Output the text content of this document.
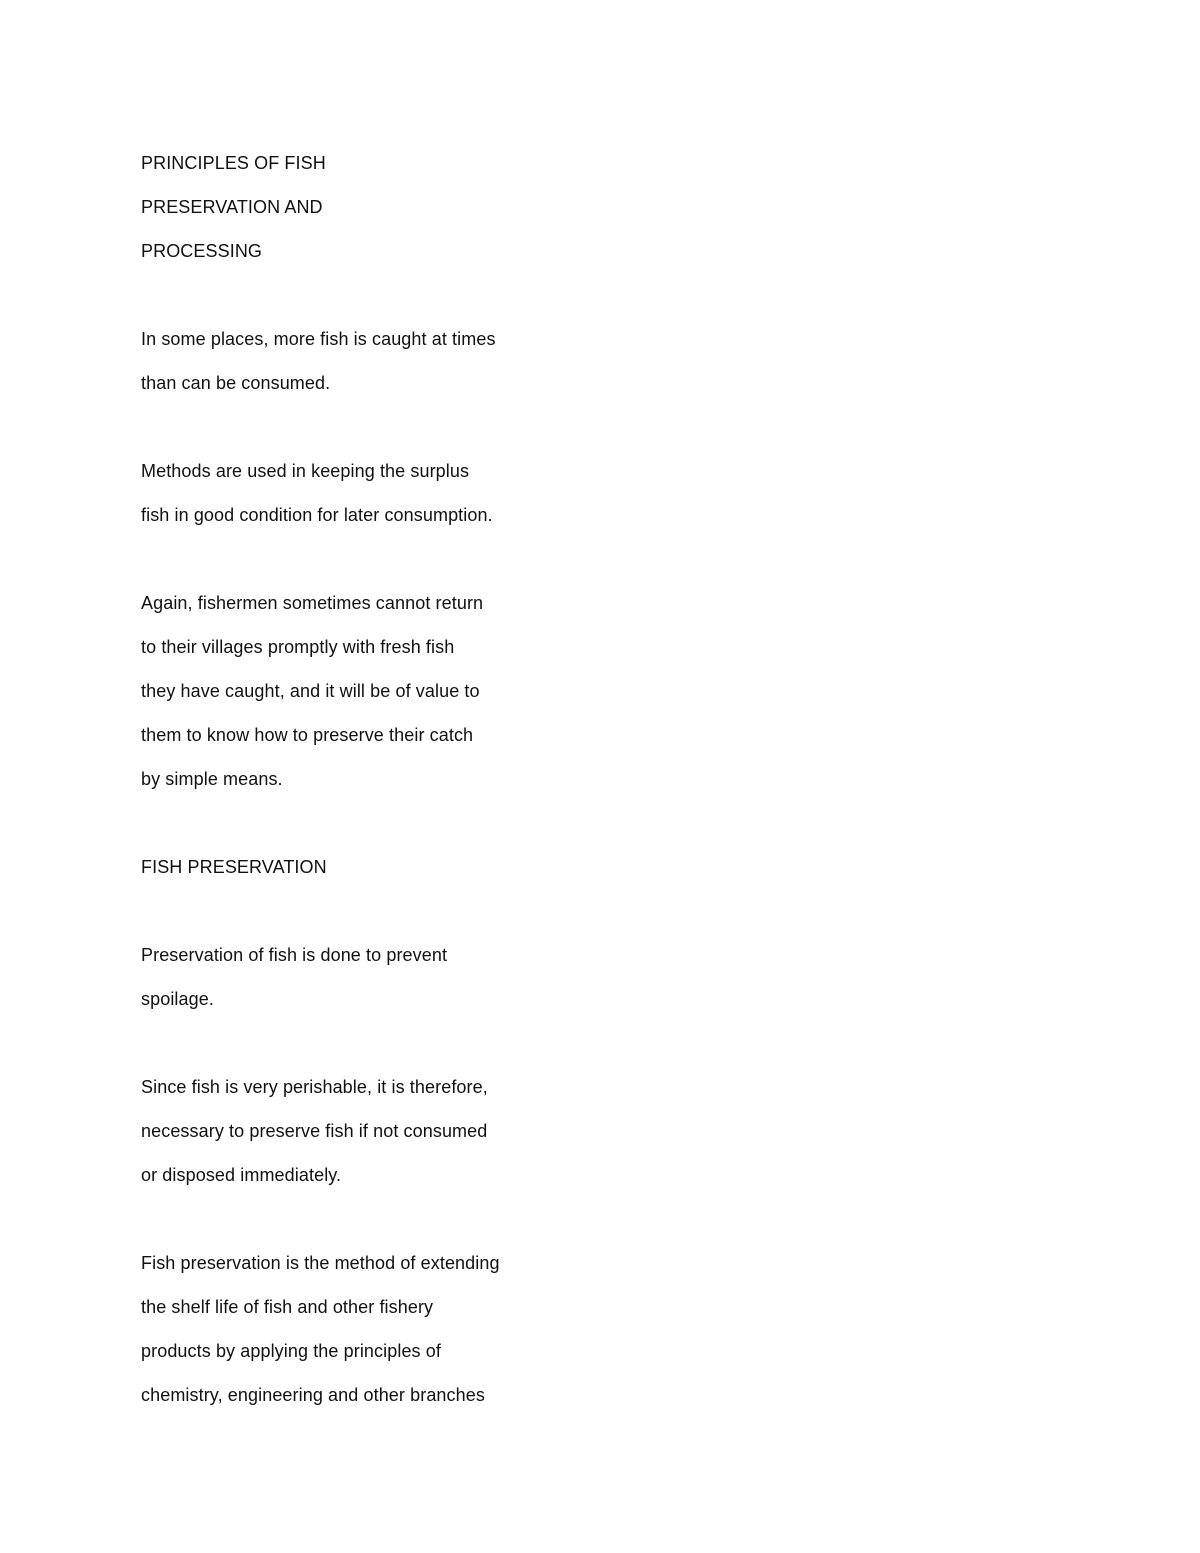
PRINCIPLES OF FISH
PRESERVATION AND
PROCESSING
In some places, more fish is caught at times
than can be consumed.
Methods are used in keeping the surplus
fish in good condition for later consumption.
Again, fishermen sometimes cannot return
to their villages promptly with fresh fish
they have caught, and it will be of value to
them to know how to preserve their catch
by simple means.
FISH PRESERVATION
Preservation of fish is done to prevent
spoilage.
Since fish is very perishable, it is therefore,
necessary to preserve fish if not consumed
or disposed immediately.
Fish preservation is the method of extending
the shelf life of fish and other fishery
products by applying the principles of
chemistry, engineering and other branches
